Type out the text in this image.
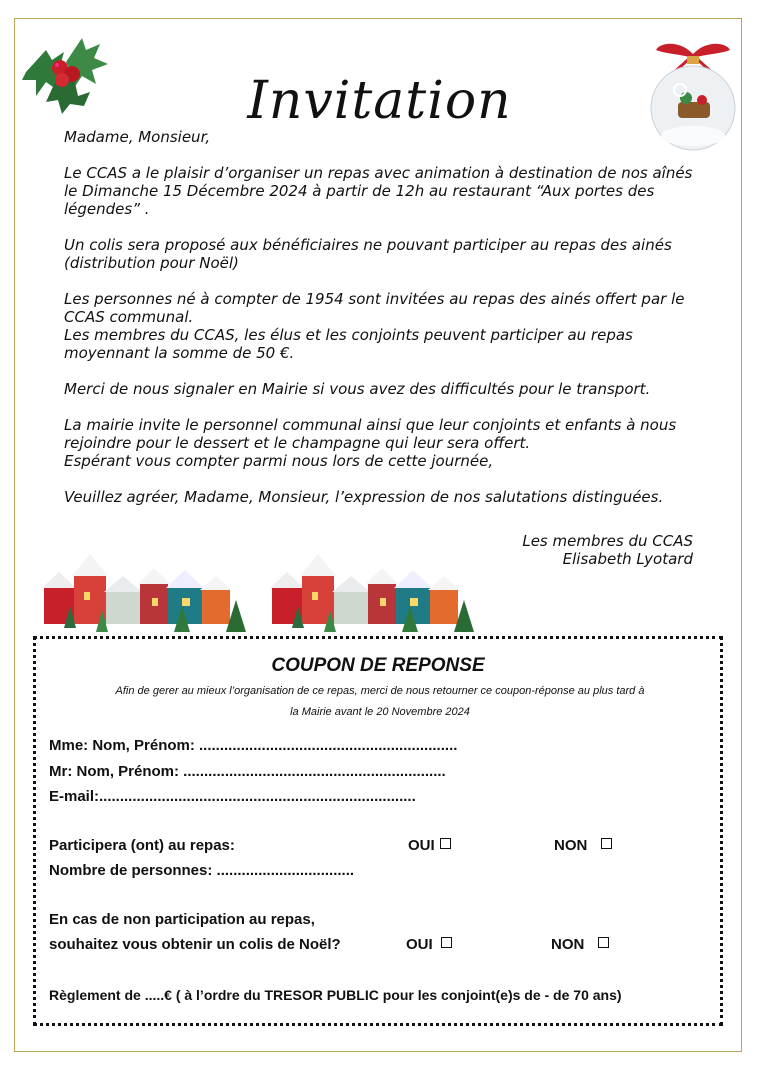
Invitation

Madame, Monsieur,

Le CCAS a le plaisir d’organiser un repas avec animation à destination de nos aînés le Dimanche 15 Décembre 2024 à partir de 12h au restaurant “Aux portes des légendes” .

Un colis sera proposé aux bénéficiaires ne pouvant participer au repas des ainés (distribution pour Noël)

Les personnes né à compter de 1954 sont invitées au repas des ainés offert par le CCAS communal.

Les membres du CCAS, les élus et les conjoints peuvent participer au repas moyennant la somme de 50 €.

Merci de nous signaler en Mairie si vous avez des difficultés pour le transport.

La mairie invite le personnel communal ainsi que leur conjoints et enfants à nous rejoindre pour le dessert et le champagne qui leur sera offert.

Espérant vous compter parmi nous lors de cette journée,

Veuillez agréer, Madame, Monsieur, l’expression de nos salutations distinguées.

Les membres du CCAS
Elisabeth Lyotard
COUPON DE REPONSE
Afin de gerer au mieux l’organisation de ce repas, merci de nous retourner ce coupon-réponse au plus tard à
la Mairie avant le 20 Novembre 2024
Mme: Nom, Prénom: ..............................................................
Mr: Nom, Prénom: ...............................................................
E-mail:............................................................................
Participera (ont) au repas:	OUI	NON
Nombre de personnes: .................................
En cas de non participation au repas,
souhaitez vous obtenir un colis de Noël?	OUI	NON
Règlement de .....€ ( à l’ordre du TRESOR PUBLIC pour les conjoint(e)s de - de 70 ans)
